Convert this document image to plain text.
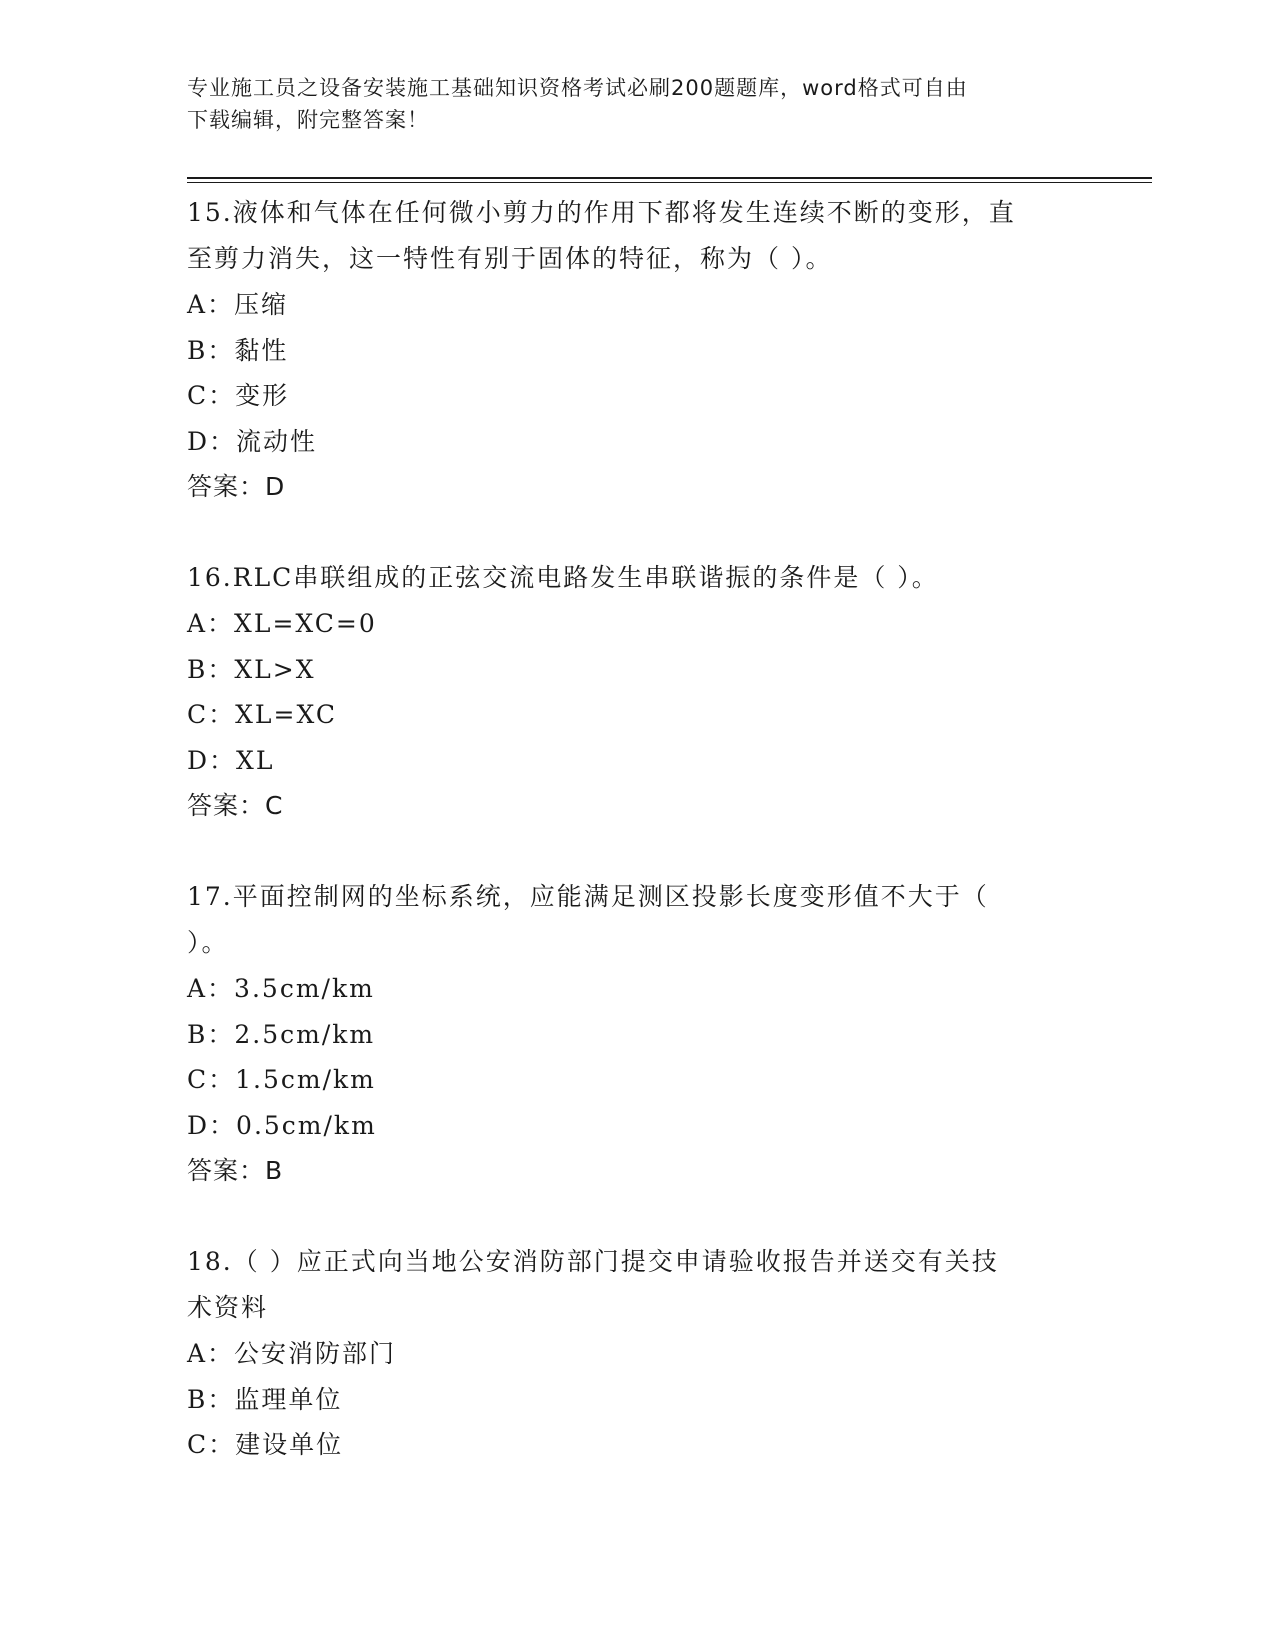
专业施工员之设备安装施工基础知识资格考试必刷200题题库，word格式可自由
下载编辑，附完整答案！

15.液体和气体在任何微小剪力的作用下都将发生连续不断的变形，直

至剪力消失，这一特性有别于固体的特征，称为（ ）。

A：压缩

B：黏性

C：变形

D：流动性

答案：D

16.RLC串联组成的正弦交流电路发生串联谐振的条件是（ ）。

A：XL=XC=0

B：XL>X

C：XL=XC

D：XL

答案：C

17.平面控制网的坐标系统，应能满足测区投影长度变形值不大于（

）。

A：3.5cm/km

B：2.5cm/km

C：1.5cm/km

D：0.5cm/km

答案：B

18.（ ）应正式向当地公安消防部门提交申请验收报告并送交有关技

术资料

A：公安消防部门

B：监理单位

C：建设单位
